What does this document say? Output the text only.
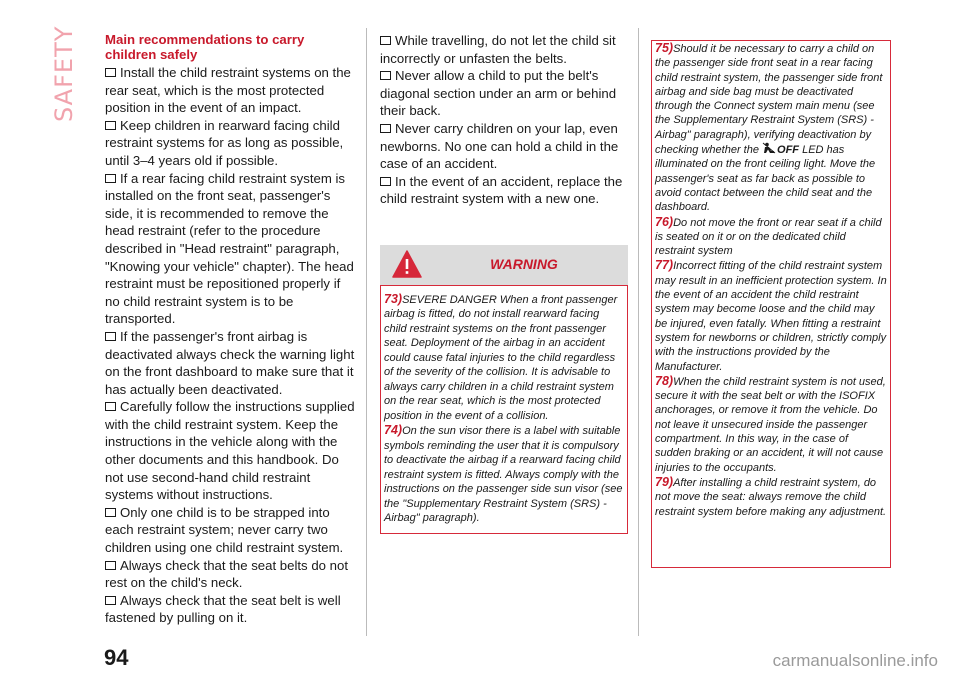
SAFETY	Main recommendations to carry children safely

Install the child restraint systems on the rear seat, which is the most protected position in the event of an impact.

Keep children in rearward facing child restraint systems for as long as possible, until 3–4 years old if possible.

If a rear facing child restraint system is installed on the front seat, passenger's side, it is recommended to remove the head restraint (refer to the procedure described in "Head restraint" paragraph, "Knowing your vehicle" chapter). The head restraint must be repositioned properly if no child restraint system is to be transported.

If the passenger's front airbag is deactivated always check the warning light on the front dashboard to make sure that it has actually been deactivated.

Carefully follow the instructions supplied with the child restraint system. Keep the instructions in the vehicle along with the other documents and this handbook. Do not use second-hand child restraint systems without instructions.

Only one child is to be strapped into each restraint system; never carry two children using one child restraint system.

Always check that the seat belts do not rest on the child's neck.

Always check that the seat belt is well fastened by pulling on it.

While travelling, do not let the child sit incorrectly or unfasten the belts.

Never allow a child to put the belt's diagonal section under an arm or behind their back.

Never carry children on your lap, even newborns. No one can hold a child in the case of an accident.

In the event of an accident, replace the child restraint system with a new one.

WARNING

73)SEVERE DANGER When a front passenger airbag is fitted, do not install rearward facing child restraint systems on the front passenger seat. Deployment of the airbag in an accident could cause fatal injuries to the child regardless of the severity of the collision. It is advisable to always carry children in a child restraint system on the rear seat, which is the most protected position in the event of a collision.

74)On the sun visor there is a label with suitable symbols reminding the user that it is compulsory to deactivate the airbag if a rearward facing child restraint system is fitted. Always comply with the instructions on the passenger side sun visor (see the "Supplementary Restraint System (SRS) - Airbag" paragraph).

75)Should it be necessary to carry a child on the passenger side front seat in a rear facing child restraint system, the passenger side front airbag and side bag must be deactivated through the Connect system main menu (see the Supplementary Restraint System (SRS) - Airbag" paragraph), verifying deactivation by checking whether the OFF LED has illuminated on the front ceiling light. Move the passenger's seat as far back as possible to avoid contact between the child seat and the dashboard.

76)Do not move the front or rear seat if a child is seated on it or on the dedicated child restraint system

77)Incorrect fitting of the child restraint system may result in an inefficient protection system. In the event of an accident the child restraint system may become loose and the child may be injured, even fatally. When fitting a restraint system for newborns or children, strictly comply with the instructions provided by the Manufacturer.

78)When the child restraint system is not used, secure it with the seat belt or with the ISOFIX anchorages, or remove it from the vehicle. Do not leave it unsecured inside the passenger compartment. In this way, in the case of sudden braking or an accident, it will not cause injuries to the occupants.

79)After installing a child restraint system, do not move the seat: always remove the child restraint system before making any adjustment.

94	carmanualsonline.info
